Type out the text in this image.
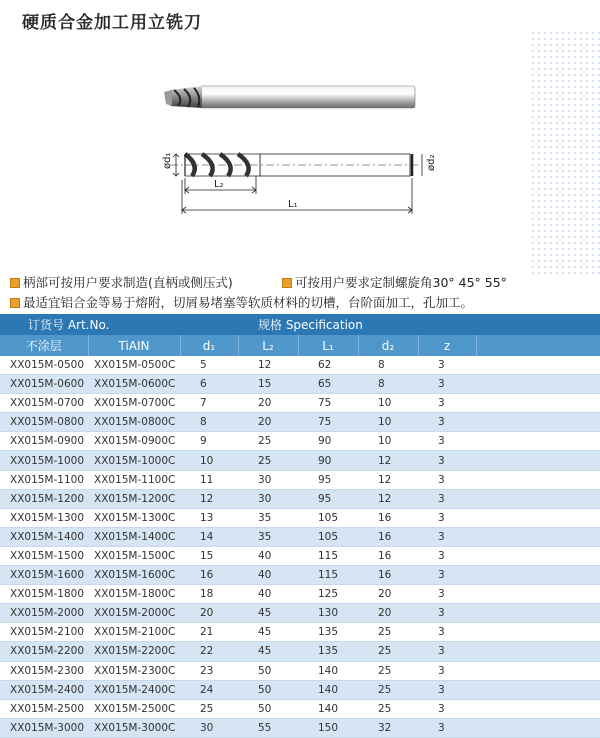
硬质合金加工用立铣刀
ød₁	ød₂
L₂
L₁
柄部可按用户要求制造(直柄或侧压式)	可按用户要求定制螺旋角30° 45° 55°
最适宜铝合金等易于熔附，切屑易堵塞等软质材料的切槽，台阶面加工，孔加工。
订货号 Art.No.		规格 Specification					
不涂层	TiAIN	d₁	L₂	L₁	d₂	z	
XX015M-0500	XX015M-0500C	5	12	62	8	3	
XX015M-0600	XX015M-0600C	6	15	65	8	3	
XX015M-0700	XX015M-0700C	7	20	75	10	3	
XX015M-0800	XX015M-0800C	8	20	75	10	3	
XX015M-0900	XX015M-0900C	9	25	90	10	3	
XX015M-1000	XX015M-1000C	10	25	90	12	3	
XX015M-1100	XX015M-1100C	11	30	95	12	3	
XX015M-1200	XX015M-1200C	12	30	95	12	3	
XX015M-1300	XX015M-1300C	13	35	105	16	3	
XX015M-1400	XX015M-1400C	14	35	105	16	3	
XX015M-1500	XX015M-1500C	15	40	115	16	3	
XX015M-1600	XX015M-1600C	16	40	115	16	3	
XX015M-1800	XX015M-1800C	18	40	125	20	3	
XX015M-2000	XX015M-2000C	20	45	130	20	3	
XX015M-2100	XX015M-2100C	21	45	135	25	3	
XX015M-2200	XX015M-2200C	22	45	135	25	3	
XX015M-2300	XX015M-2300C	23	50	140	25	3	
XX015M-2400	XX015M-2400C	24	50	140	25	3	
XX015M-2500	XX015M-2500C	25	50	140	25	3	
XX015M-3000	XX015M-3000C	30	55	150	32	3	
